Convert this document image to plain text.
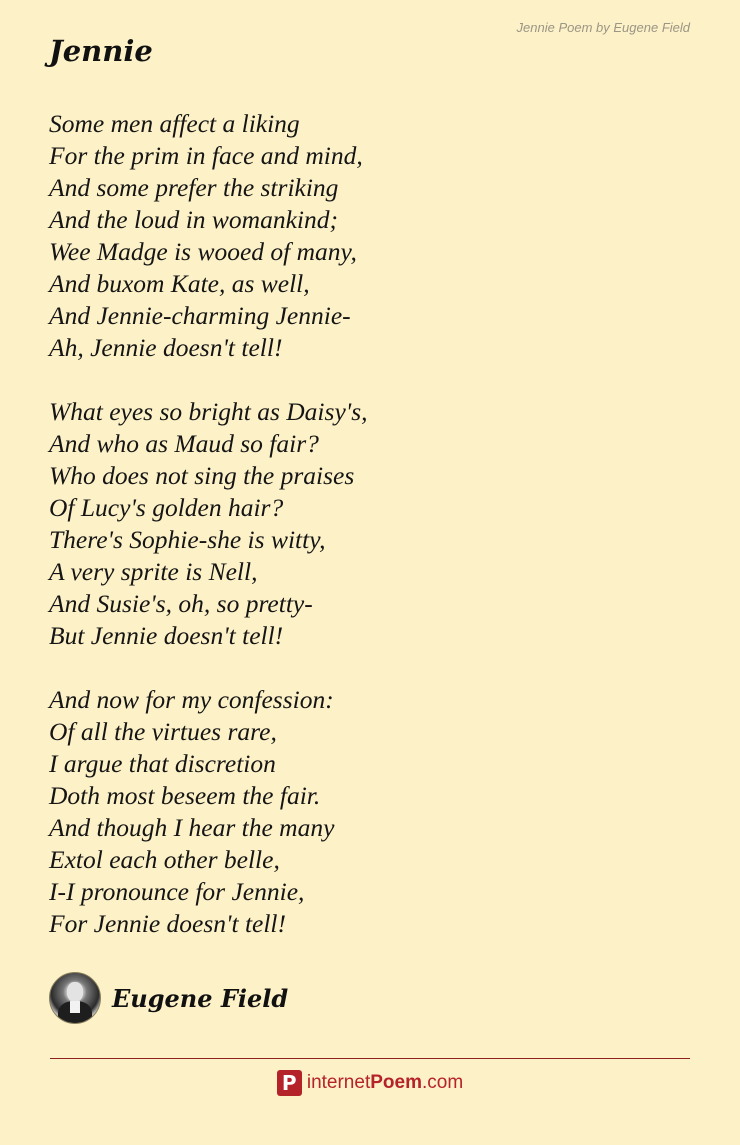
Jennie Poem by Eugene Field
Jennie
Some men affect a liking
For the prim in face and mind,
And some prefer the striking
And the loud in womankind;
Wee Madge is wooed of many,
And buxom Kate, as well,
And Jennie-charming Jennie-
Ah, Jennie doesn't tell!
What eyes so bright as Daisy's,
And who as Maud so fair?
Who does not sing the praises
Of Lucy's golden hair?
There's Sophie-she is witty,
A very sprite is Nell,
And Susie's, oh, so pretty-
But Jennie doesn't tell!
And now for my confession:
Of all the virtues rare,
I argue that discretion
Doth most beseem the fair.
And though I hear the many
Extol each other belle,
I-I pronounce for Jennie,
For Jennie doesn't tell!
Eugene Field
P internetPoem.com
